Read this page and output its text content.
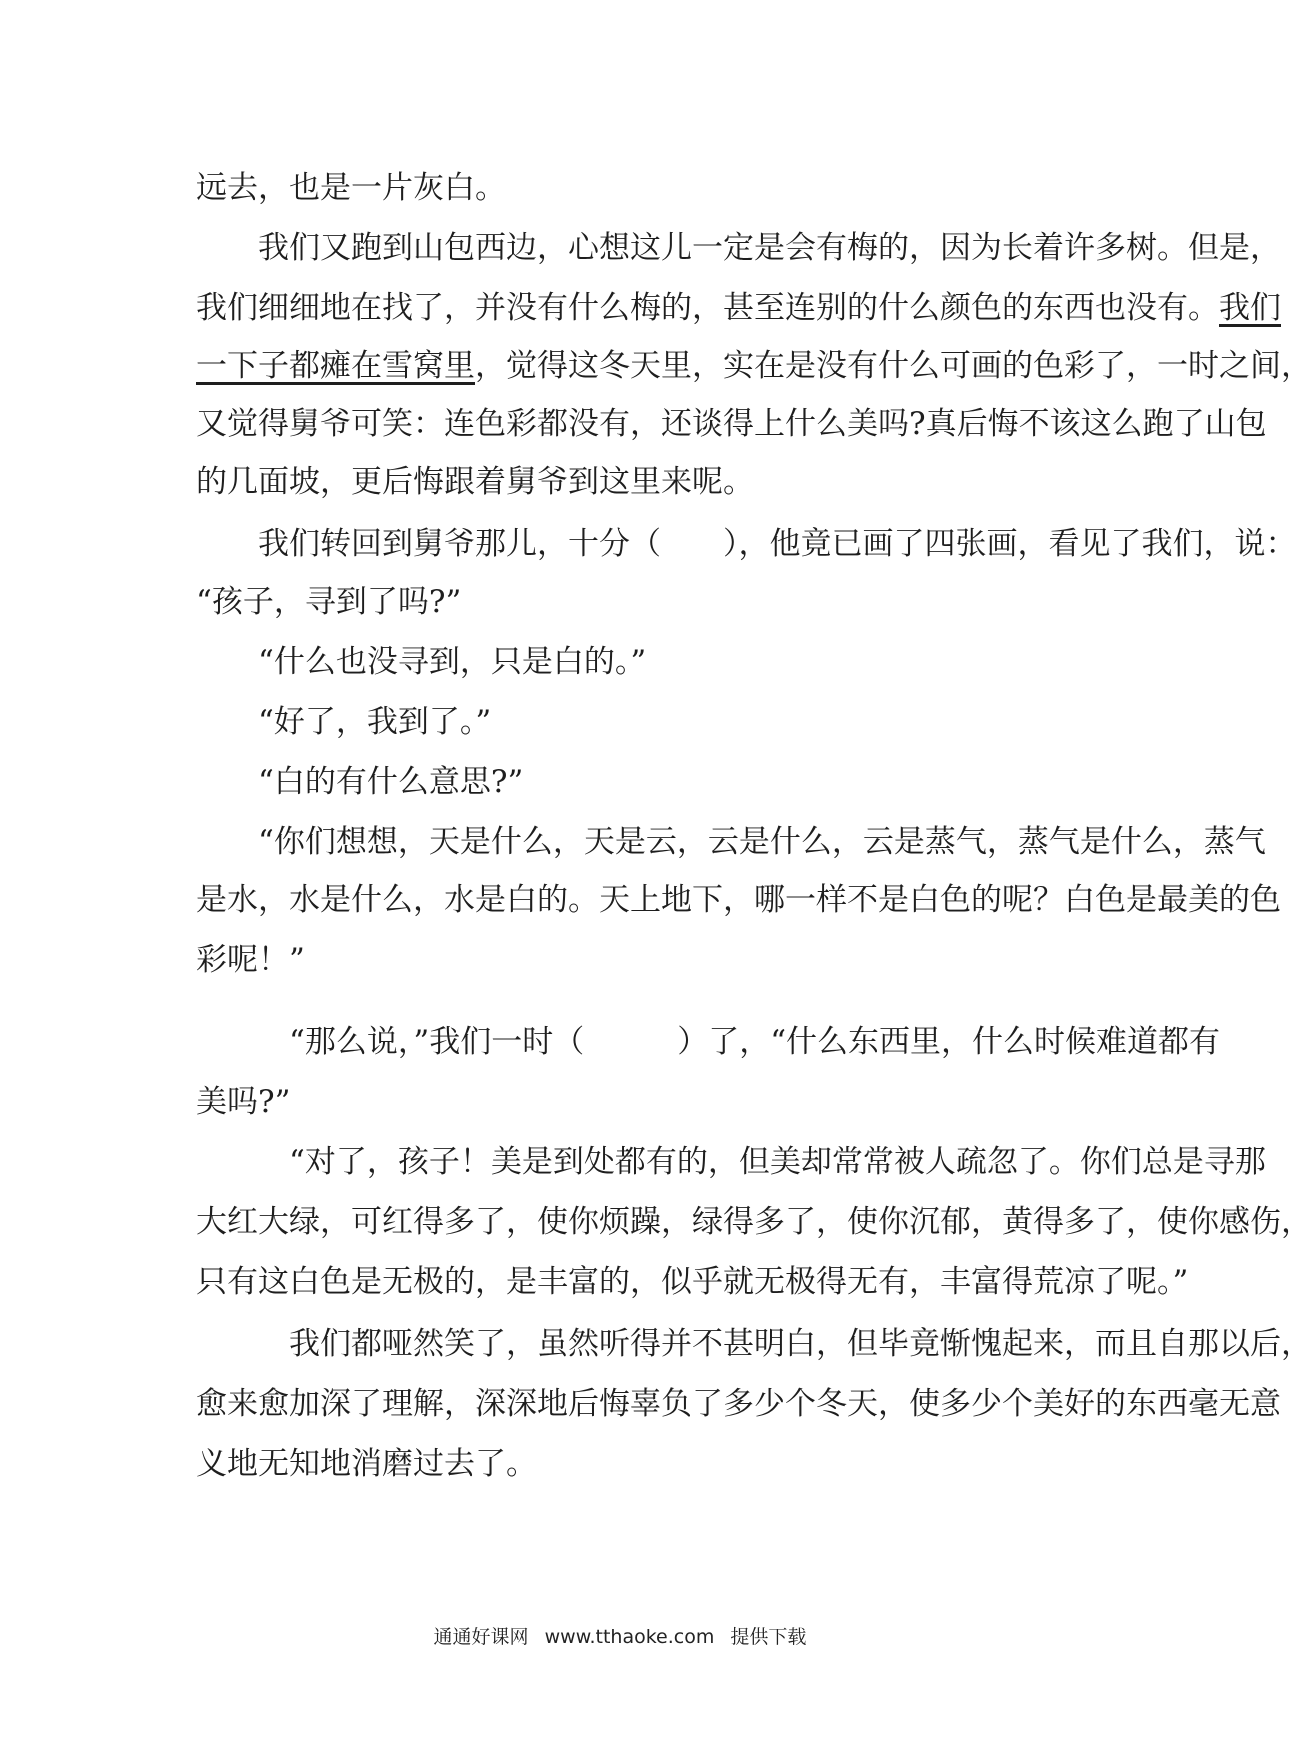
远去，也是一片灰白。
　　我们又跑到山包西边，心想这儿一定是会有梅的，因为长着许多树。但是，
我们细细地在找了，并没有什么梅的，甚至连别的什么颜色的东西也没有。我们
一下子都瘫在雪窝里，觉得这冬天里，实在是没有什么可画的色彩了，一时之间，
又觉得舅爷可笑：连色彩都没有，还谈得上什么美吗?真后悔不该这么跑了山包
的几面坡，更后悔跟着舅爷到这里来呢。
　　我们转回到舅爷那儿，十分（　　），他竟已画了四张画，看见了我们，说：
“孩子，寻到了吗?”
　　“什么也没寻到，只是白的。”
　　“好了，我到了。”
　　“白的有什么意思?”
　　“你们想想，天是什么，天是云，云是什么，云是蒸气，蒸气是什么，蒸气
是水，水是什么，水是白的。天上地下，哪一样不是白色的呢？白色是最美的色
彩呢！”
　　　“那么说，”我们一时（　　　）了，“什么东西里，什么时候难道都有
美吗?”
　　　“对了，孩子！美是到处都有的，但美却常常被人疏忽了。你们总是寻那
大红大绿，可红得多了，使你烦躁，绿得多了，使你沉郁，黄得多了，使你感伤，
只有这白色是无极的，是丰富的，似乎就无极得无有，丰富得荒凉了呢。”
　　　我们都哑然笑了，虽然听得并不甚明白，但毕竟惭愧起来，而且自那以后，
愈来愈加深了理解，深深地后悔辜负了多少个冬天，使多少个美好的东西毫无意
义地无知地消磨过去了。
通通好课网 www.tthaoke.com 提供下载
